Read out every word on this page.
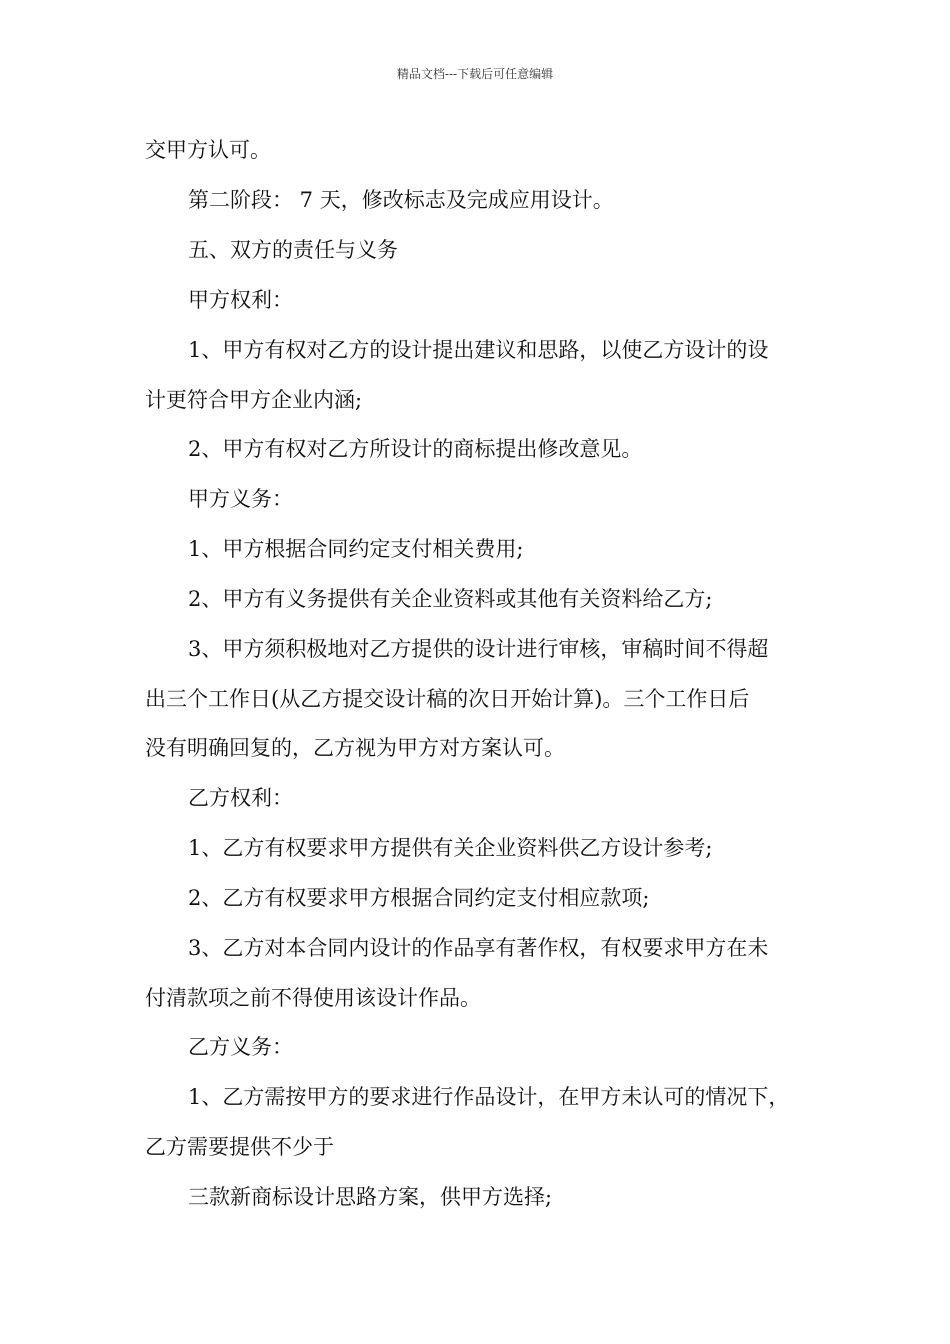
精品文档---下载后可任意编辑
交甲方认可。
第二阶段： 7 天，修改标志及完成应用设计。
五、双方的责任与义务
甲方权利：
1、甲方有权对乙方的设计提出建议和思路，以使乙方设计的设
计更符合甲方企业内涵;
2、甲方有权对乙方所设计的商标提出修改意见。
甲方义务：
1、甲方根据合同约定支付相关费用;
2、甲方有义务提供有关企业资料或其他有关资料给乙方;
3、甲方须积极地对乙方提供的设计进行审核，审稿时间不得超
出三个工作日(从乙方提交设计稿的次日开始计算)。三个工作日后
没有明确回复的，乙方视为甲方对方案认可。
乙方权利：
1、乙方有权要求甲方提供有关企业资料供乙方设计参考;
2、乙方有权要求甲方根据合同约定支付相应款项;
3、乙方对本合同内设计的作品享有著作权，有权要求甲方在未
付清款项之前不得使用该设计作品。
乙方义务：
1、乙方需按甲方的要求进行作品设计，在甲方未认可的情况下，
乙方需要提供不少于
三款新商标设计思路方案，供甲方选择;
